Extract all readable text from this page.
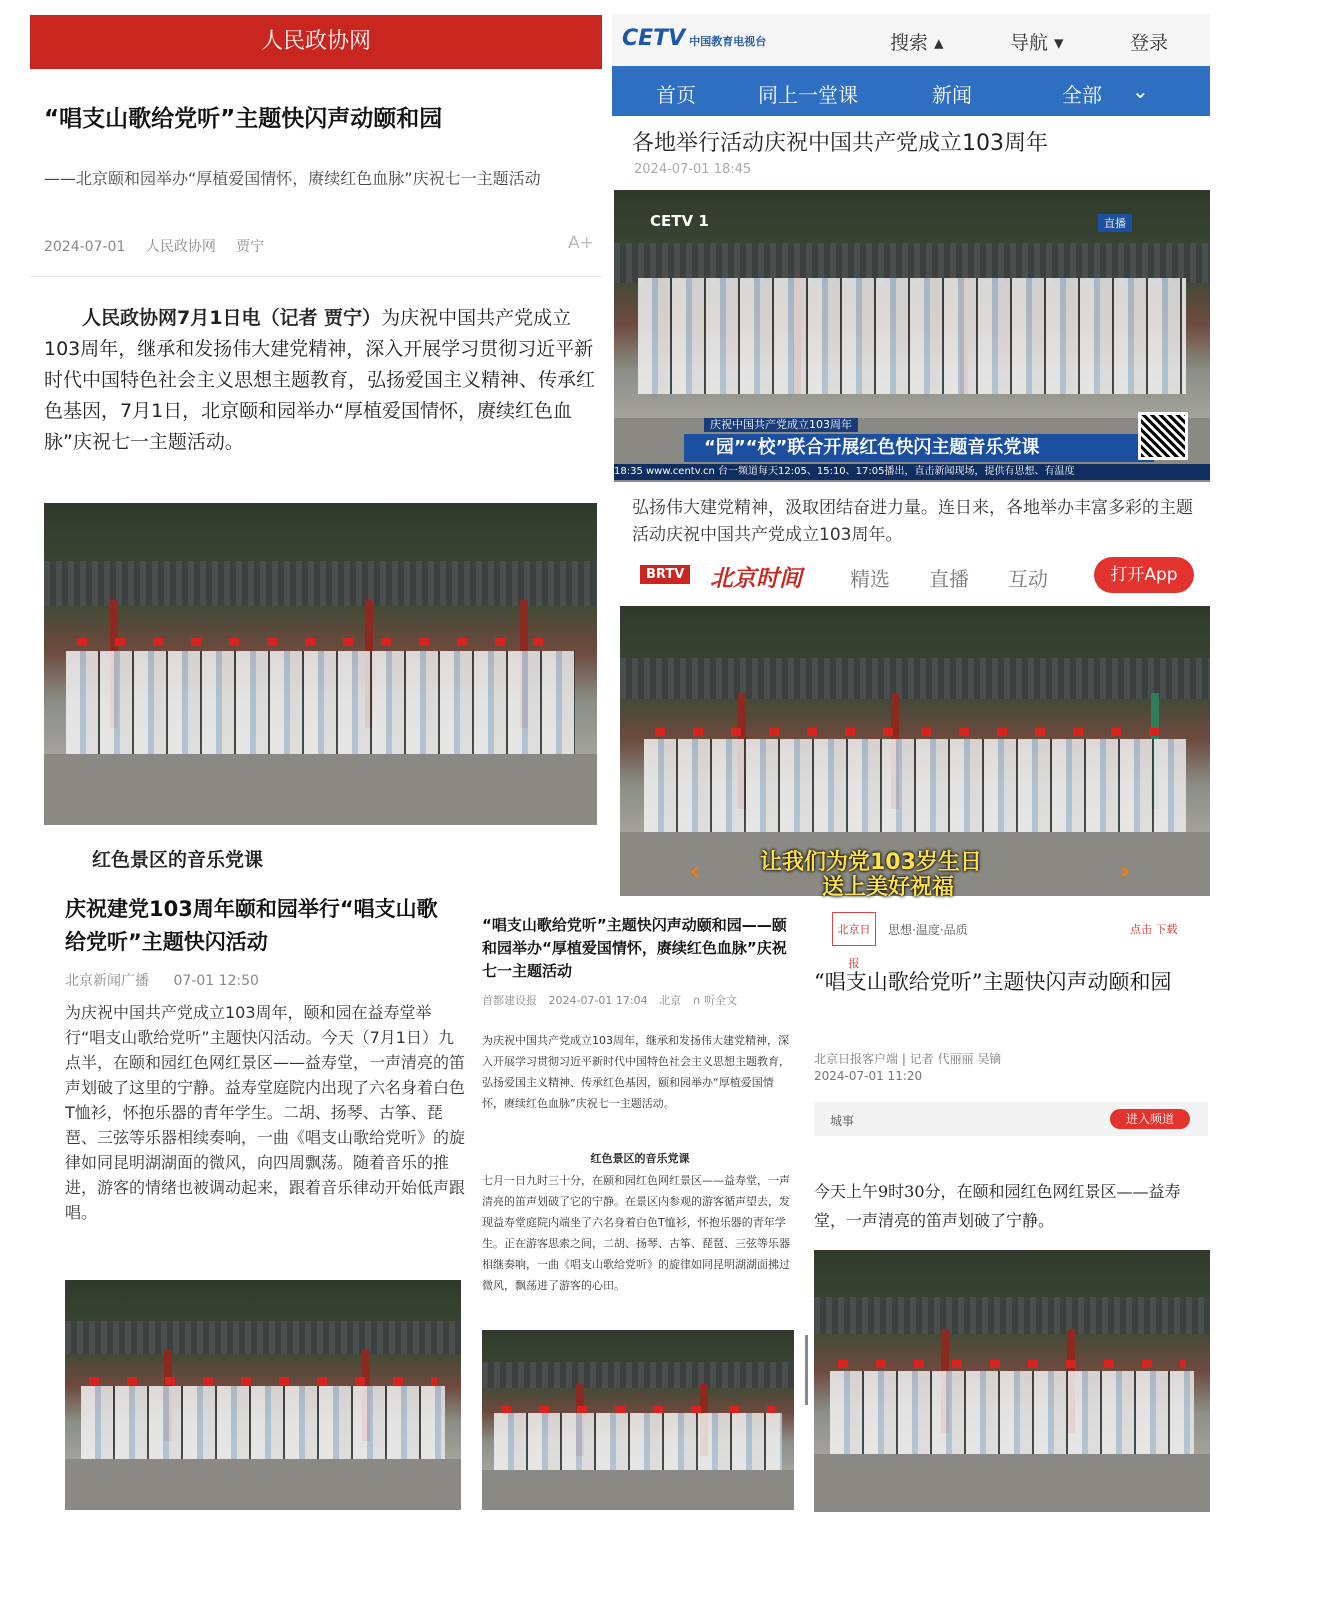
人民政协网
“唱支山歌给党听”主题快闪声动颐和园
——北京颐和园举办“厚植爱国情怀，赓续红色血脉”庆祝七一主题活动
2024-07-01 人民政协网 贾宁	A+
人民政协网7月1日电（记者 贾宁）为庆祝中国共产党成立103周年，继承和发扬伟大建党精神，深入开展学习贯彻习近平新时代中国特色社会主义思想主题教育，弘扬爱国主义精神、传承红色基因，7月1日，北京颐和园举办“厚植爱国情怀，赓续红色血脉”庆祝七一主题活动。
红色景区的音乐党课
CETV 中国教育电视台	搜索 ▴	导航 ▾	登录
首页	同上一堂课	新闻	全部 ⌄
各地举行活动庆祝中国共产党成立103周年
2024-07-01 18:45
CETV 1	直播
庆祝中国共产党成立103周年
“园”“校”联合开展红色快闪主题音乐党课
18:35 www.centv.cn 台一频道每天12:05、15:10、17:05播出，直击新闻现场，提供有思想、有温度
弘扬伟大建党精神，汲取团结奋进力量。连日来，各地举办丰富多彩的主题活动庆祝中国共产党成立103周年。
BRTV 北京时间 精选 直播 互动	打开App
‹	›
让我们为党103岁生日
送上美好祝福
庆祝建党103周年颐和园举行“唱支山歌给党听”主题快闪活动
北京新闻广播 07-01 12:50
为庆祝中国共产党成立103周年，颐和园在益寿堂举行“唱支山歌给党听”主题快闪活动。今天（7月1日）九点半，在颐和园红色网红景区——益寿堂，一声清亮的笛声划破了这里的宁静。益寿堂庭院内出现了六名身着白色T恤衫，怀抱乐器的青年学生。二胡、扬琴、古筝、琵琶、三弦等乐器相续奏响，一曲《唱支山歌给党听》的旋律如同昆明湖湖面的微风，向四周飘荡。随着音乐的推进，游客的情绪也被调动起来，跟着音乐律动开始低声跟唱。
“唱支山歌给党听”主题快闪声动颐和园——颐和园举办“厚植爱国情怀，赓续红色血脉”庆祝七一主题活动
首都建设报 2024-07-01 17:04 北京 ∩ 听全文
为庆祝中国共产党成立103周年，继承和发扬伟大建党精神，深入开展学习贯彻习近平新时代中国特色社会主义思想主题教育，弘扬爱国主义精神、传承红色基因，颐和园举办“厚植爱国情怀，赓续红色血脉”庆祝七一主题活动。
红色景区的音乐党课
七月一日九时三十分，在颐和园红色网红景区——益寿堂，一声清亮的笛声划破了它的宁静。在景区内参观的游客循声望去，发现益寿堂庭院内端坐了六名身着白色T恤衫，怀抱乐器的青年学生。正在游客思索之间，二胡、扬琴、古筝、琵琶、三弦等乐器相继奏响，一曲《唱支山歌给党听》的旋律如同昆明湖湖面拂过微风，飘荡进了游客的心田。
北京日报
思想·温度·品质	点击 下载
“唱支山歌给党听”主题快闪声动颐和园
北京日报客户端 | 记者 代丽丽 吴镝
2024-07-01 11:20
城事	进入频道
今天上午9时30分，在颐和园红色网红景区——益寿堂，一声清亮的笛声划破了宁静。
